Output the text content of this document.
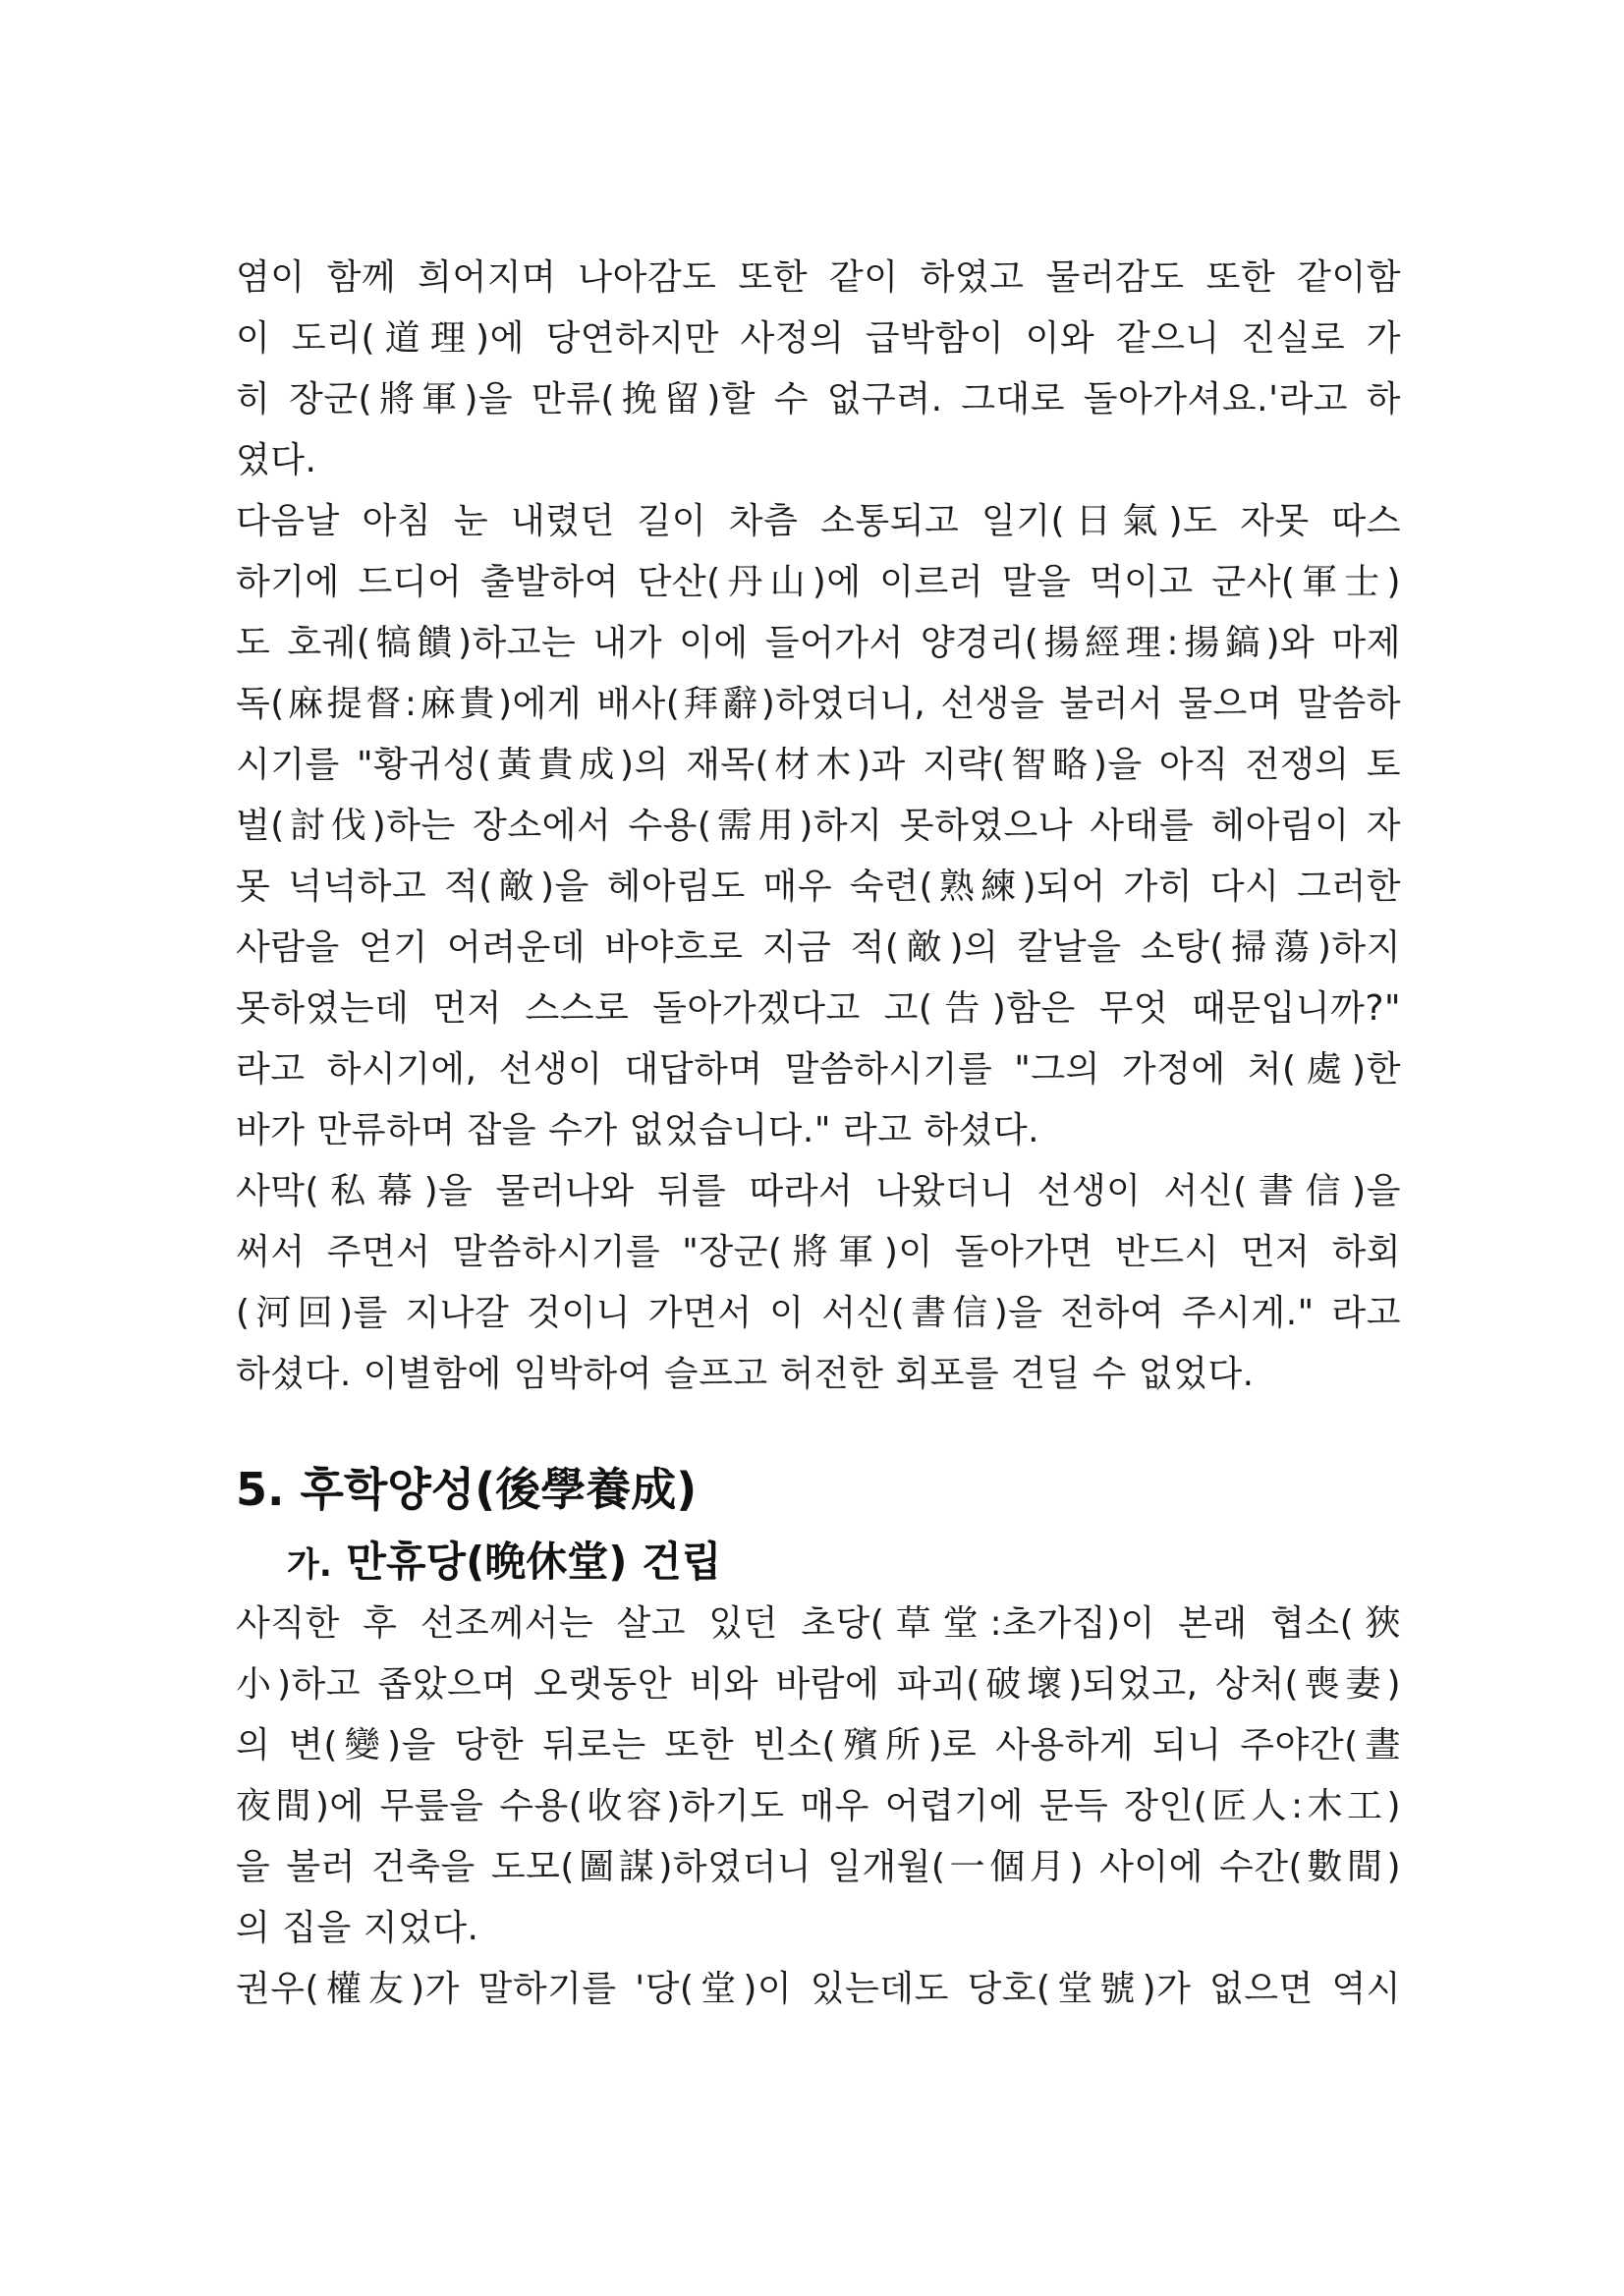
염이 함께 희어지며 나아감도 또한 같이 하였고 물러감도 또한 같이함
이 도리(道理)에 당연하지만 사정의 급박함이 이와 같으니 진실로 가
히 장군(將軍)을 만류(挽留)할 수 없구려. 그대로 돌아가셔요.'라고 하
였다.
다음날 아침 눈 내렸던 길이 차츰 소통되고 일기(日氣)도 자못 따스
하기에 드디어 출발하여 단산(丹山)에 이르러 말을 먹이고 군사(軍士)
도 호궤(犒饋)하고는 내가 이에 들어가서 양경리(揚經理:揚鎬)와 마제
독(麻提督:麻貴)에게 배사(拜辭)하였더니, 선생을 불러서 물으며 말씀하
시기를 "황귀성(黃貴成)의 재목(材木)과 지략(智略)을 아직 전쟁의 토
벌(討伐)하는 장소에서 수용(需用)하지 못하였으나 사태를 헤아림이 자
못 넉넉하고 적(敵)을 헤아림도 매우 숙련(熟練)되어 가히 다시 그러한
사람을 얻기 어려운데 바야흐로 지금 적(敵)의 칼날을 소탕(掃蕩)하지
못하였는데 먼저 스스로 돌아가겠다고 고(告)함은 무엇 때문입니까?"
라고 하시기에, 선생이 대답하며 말씀하시기를 "그의 가정에 처(處)한
바가 만류하며 잡을 수가 없었습니다." 라고 하셨다.
사막(私幕)을 물러나와 뒤를 따라서 나왔더니 선생이 서신(書信)을
써서 주면서 말씀하시기를 "장군(將軍)이 돌아가면 반드시 먼저 하회
(河回)를 지나갈 것이니 가면서 이 서신(書信)을 전하여 주시게." 라고
하셨다. 이별함에 임박하여 슬프고 허전한 회포를 견딜 수 없었다.
5. 후학양성(後學養成)
가. 만휴당(晩休堂) 건립
사직한 후 선조께서는 살고 있던 초당(草堂:초가집)이 본래 협소(狹
小)하고 좁았으며 오랫동안 비와 바람에 파괴(破壞)되었고, 상처(喪妻)
의 변(變)을 당한 뒤로는 또한 빈소(殯所)로 사용하게 되니 주야간(晝
夜間)에 무릎을 수용(收容)하기도 매우 어렵기에 문득 장인(匠人:木工)
을 불러 건축을 도모(圖謀)하였더니 일개월(一個月) 사이에 수간(數間)
의 집을 지었다.
권우(權友)가 말하기를 '당(堂)이 있는데도 당호(堂號)가 없으면 역시
